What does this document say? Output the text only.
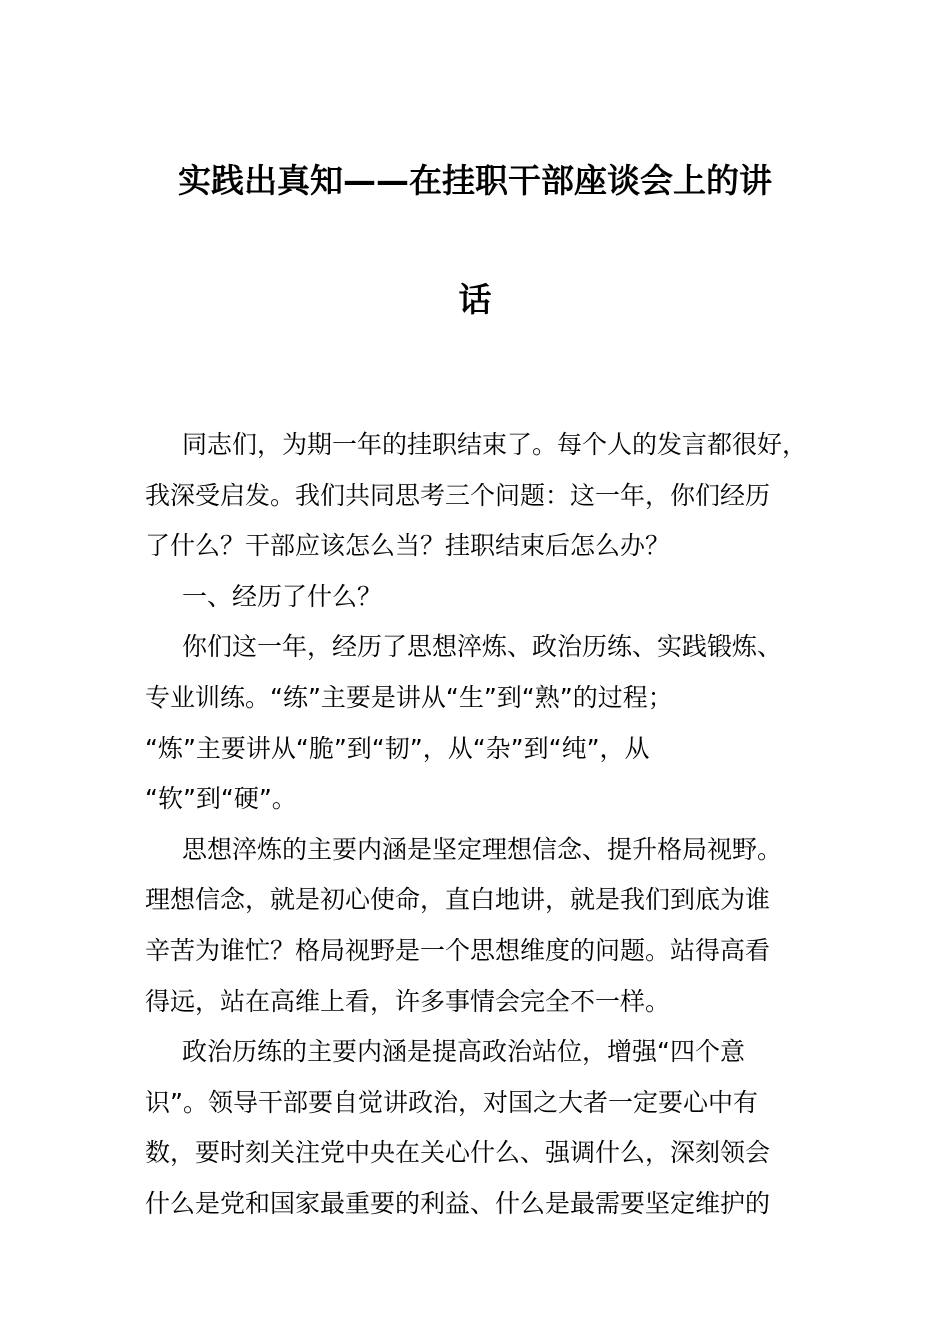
实践出真知——在挂职干部座谈会上的讲
话
同志们，为期一年的挂职结束了。每个人的发言都很好，
我深受启发。我们共同思考三个问题：这一年，你们经历
了什么？干部应该怎么当？挂职结束后怎么办？
一、经历了什么？
你们这一年，经历了思想淬炼、政治历练、实践锻炼、
专业训练。“练”主要是讲从“生”到“熟”的过程；
“炼”主要讲从“脆”到“韧”，从“杂”到“纯”，从
“软”到“硬”。
思想淬炼的主要内涵是坚定理想信念、提升格局视野。
理想信念，就是初心使命，直白地讲，就是我们到底为谁
辛苦为谁忙？格局视野是一个思想维度的问题。站得高看
得远，站在高维上看，许多事情会完全不一样。
政治历练的主要内涵是提高政治站位，增强“四个意
识”。领导干部要自觉讲政治，对国之大者一定要心中有
数，要时刻关注党中央在关心什么、强调什么，深刻领会
什么是党和国家最重要的利益、什么是最需要坚定维护的
